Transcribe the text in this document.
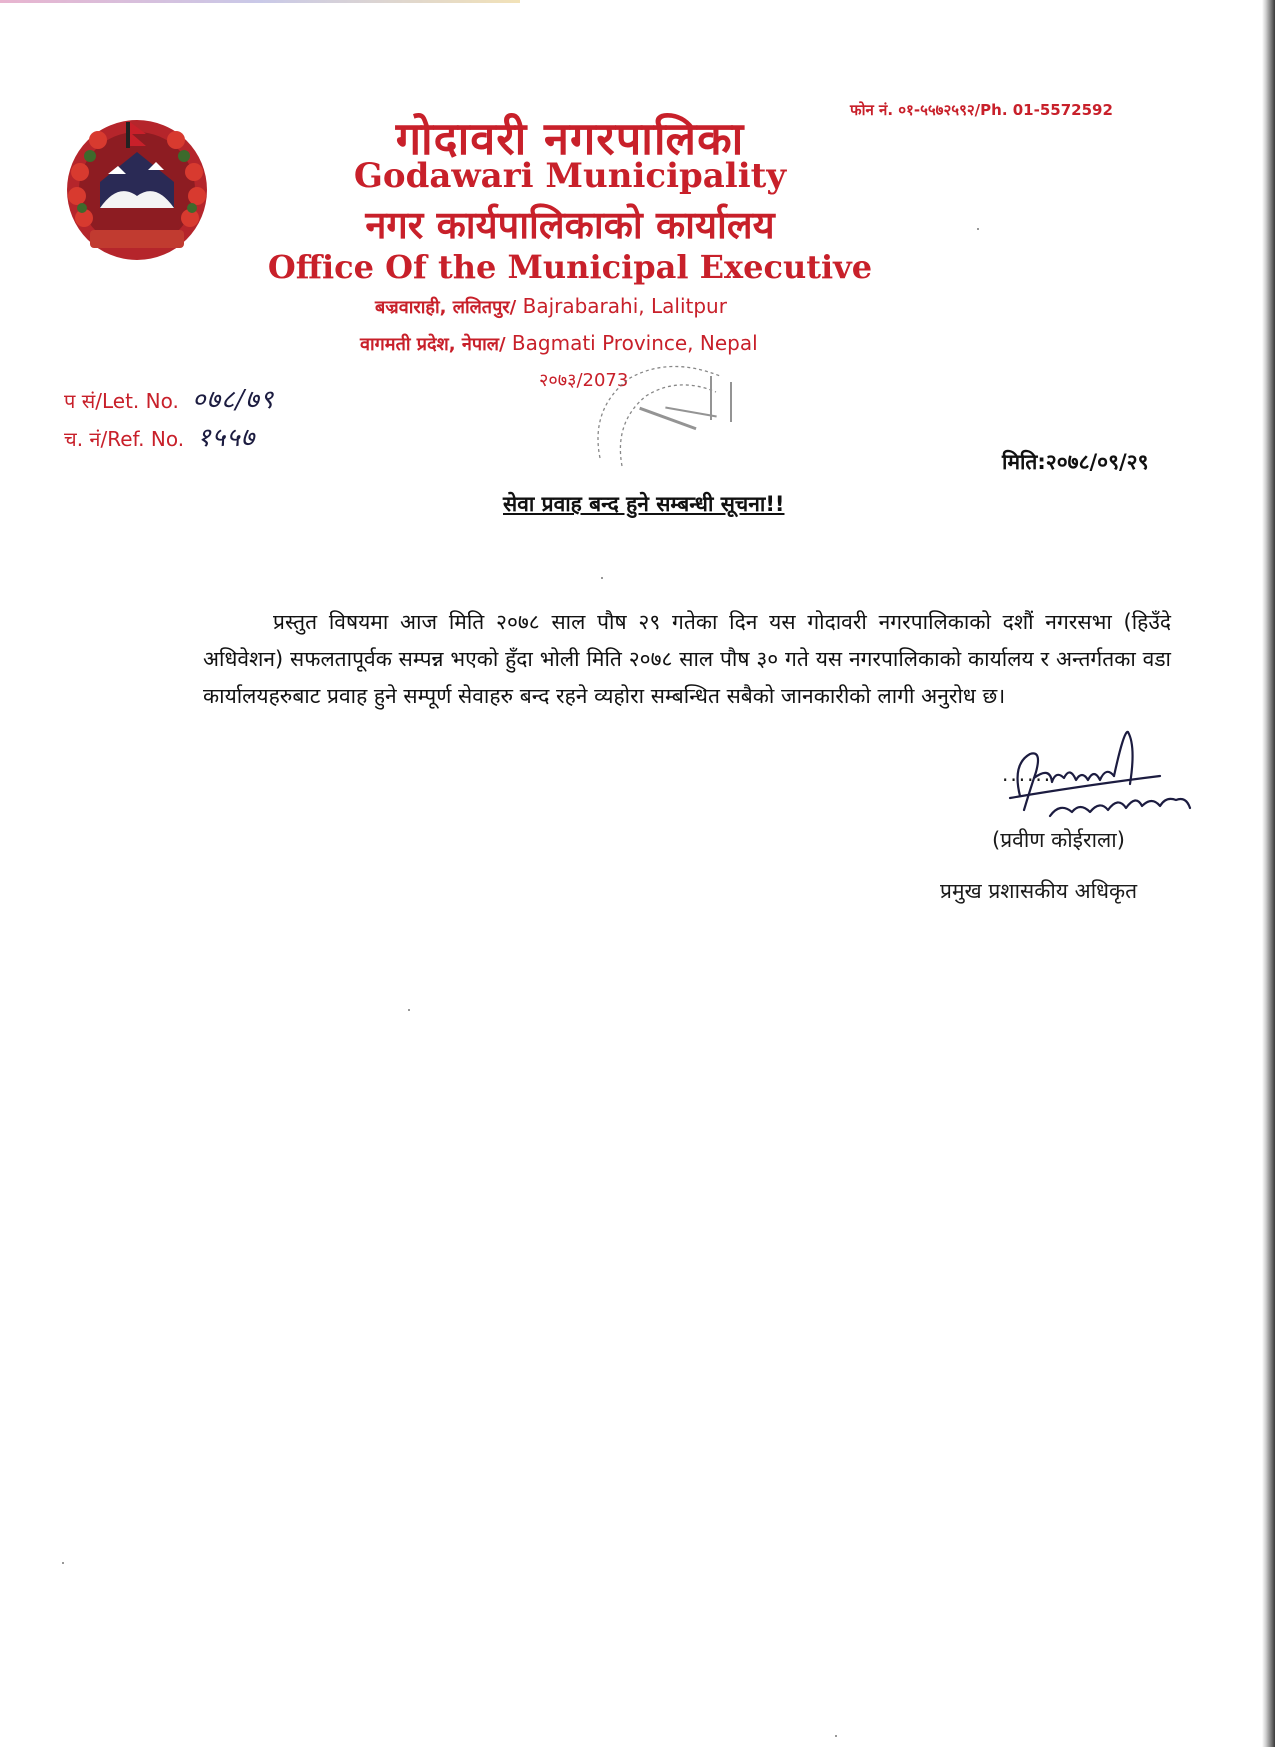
फोन नं. ०१-५५७२५९२/Ph. 01-5572592
गोदावरी नगरपालिका
Godawari Municipality
नगर कार्यपालिकाको कार्यालय
Office Of the Municipal Executive
बज्रवाराही, ललितपुर/ Bajrabarahi, Lalitpur
वागमती प्रदेश, नेपाल/ Bagmati Province, Nepal
२०७३/2073
प सं/Let. No. ०७८/७९
च. नं/Ref. No. १५५७
मिति:२०७८/०९/२९
सेवा प्रवाह बन्द हुने सम्बन्धी सूचना!!
प्रस्तुत विषयमा आज मिति २०७८ साल पौष २९ गतेका दिन यस गोदावरी नगरपालिकाको दशौं नगरसभा (हिउँदे अधिवेशन) सफलतापूर्वक सम्पन्न भएको हुँदा भोली मिति २०७८ साल पौष ३० गते यस नगरपालिकाको कार्यालय र अन्तर्गतका वडा कार्यालयहरुबाट प्रवाह हुने सम्पूर्ण सेवाहरु बन्द रहने व्यहोरा सम्बन्धित सबैको जानकारीको लागी अनुरोध छ।
......
(प्रवीण कोईराला)
प्रमुख प्रशासकीय अधिकृत
